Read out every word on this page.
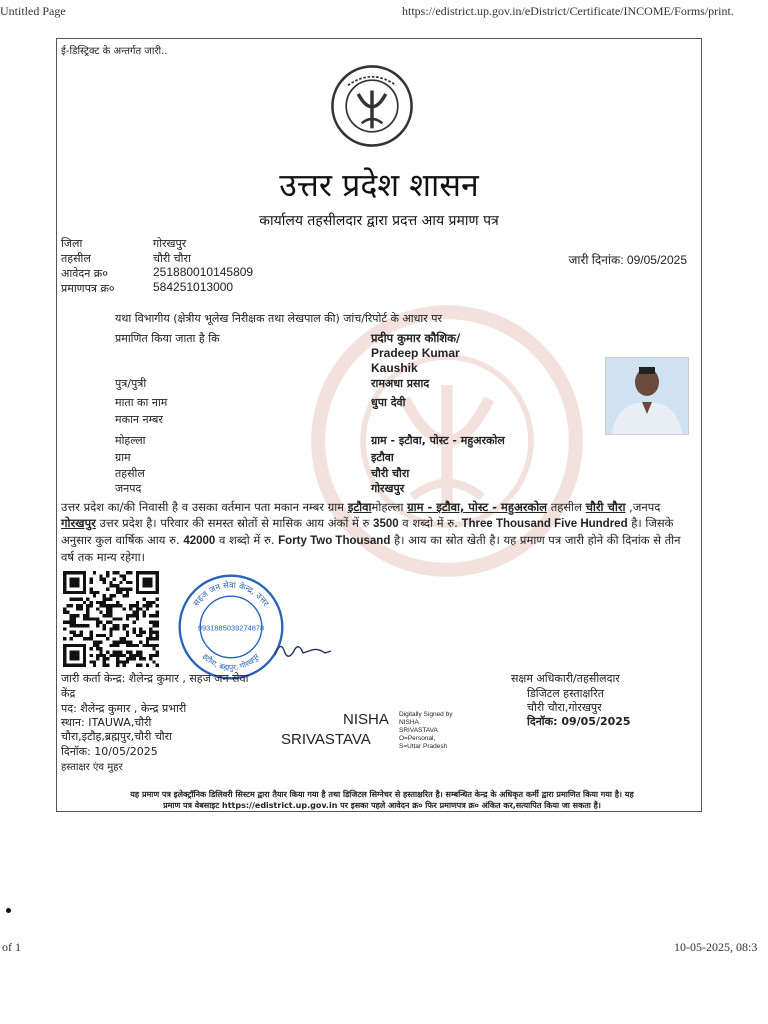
Untitled Page	https://edistrict.up.gov.in/eDistrict/Certificate/INCOME/Forms/print.
ई-डिस्ट्रिक्ट के अन्तर्गत जारी..
उत्तर प्रदेश शासन
कार्यालय तहसीलदार द्वारा प्रदत्त आय प्रमाण पत्र
जिला	गोरखपुर
तहसील	चौरी चौरा
आवेदन क्र०	251880010145809
प्रमाणपत्र क्र०	584251013000
जारी दिनांक: 09/05/2025
यथा विभागीय (क्षेत्रीय भूलेख निरीक्षक तथा लेखपाल की) जांच/रिपोर्ट के आधार पर
प्रमाणित किया जाता है कि	प्रदीप कुमार कौशिक/
Pradeep Kumar
Kaushik
पुत्र/पुत्री	रामअधा प्रसाद
माता का नाम	धुपा देवी
मकान नम्बर
मोहल्ला	ग्राम - इटौवा, पोस्ट - महुअरकोल
ग्राम	इटौवा
तहसील	चौरी चौरा
जनपद	गोरखपुर
उत्तर प्रदेश का/की निवासी है व उसका वर्तमान पता मकान नम्बर ग्राम इटौवामोहल्ला ग्राम - इटौवा, पोस्ट - महुअरकोल तहसील चौरी चौरा ,जनपद गोरखपुर उत्तर प्रदेश है। परिवार की समस्त स्रोतों से मासिक आय अंकों में रु 3500 व शब्दो में रु. Three Thousand Five Hundred है। जिसके अनुसार कुल वार्षिक आय रु. 42000 व शब्दो में रु. Forty Two Thousand है। आय का स्रोत खेती है। यह प्रमाण पत्र जारी होने की दिनांक से तीन वर्ष तक मान्य रहेगा।
सहज जन सेवा केन्द्र, उत्तर
इटौवा, ब्रह्मपुर, गोरखपुर
9931885039274878
जारी कर्ता केन्द्र: शैलेन्द्र कुमार , सहज जन सेवा
केंद्र
पद: शैलेन्द्र कुमार , केन्द्र प्रभारी
स्थान: ITAUWA,चौरी
चौरा,इटौह,ब्रह्मपुर,चौरी चौरा
दिनॉक: 10/05/2025
हस्ताक्षर एंव मुहर
NISHA
SRIVASTAVA
Digitally Signed by
NISHA
SRIVASTAVA
O=Personal,
S=Uttar Pradesh
सक्षम अधिकारी/तहसीलदार
डिजिटल हस्ताक्षरित
चौरी चौरा,गोरखपुर
दिनॉक: 09/05/2025
यह प्रमाण पत्र इलेक्ट्रॉनिक डिलिवरी सिस्टम द्वारा तैयार किया गया है तथा डिजिटल सिग्नेचर से हस्ताक्षरित है। सम्बन्धित केन्द्र के अधिकृत कर्मी द्वारा प्रमाणित किया गया है। यह
प्रमाण पत्र वेबसाइट https://edistrict.up.gov.in पर इसका पहले आवेदन क्र० फिर प्रमाणपत्र क्र० अंकित कर,सत्यापित किया जा सकता है।
of 1	10-05-2025, 08:3
